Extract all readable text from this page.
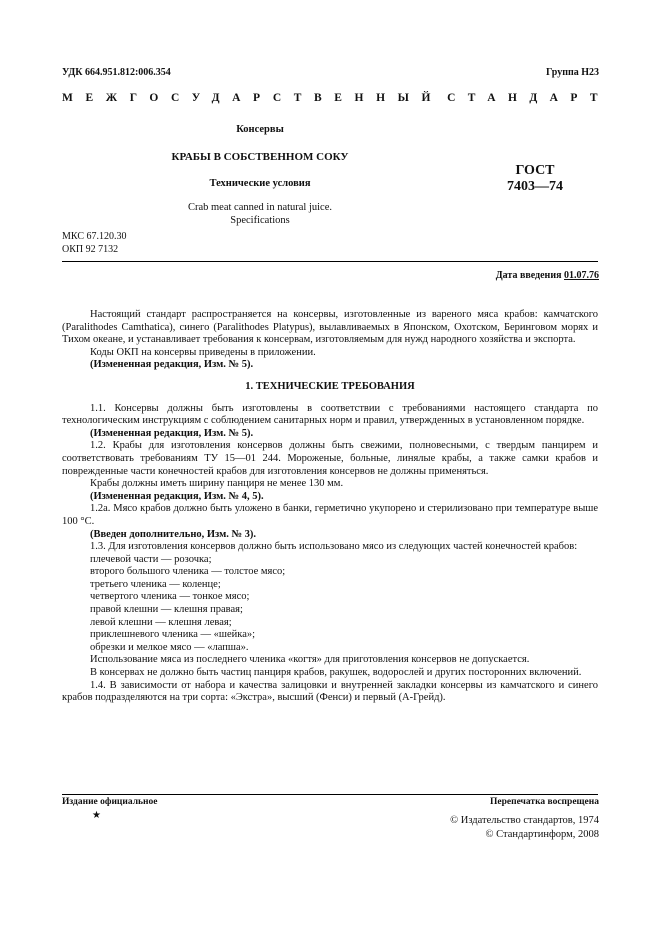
УДК 664.951.812:006.354	Группа Н23
МЕЖГОСУДАРСТВЕННЫЙ СТАНДАРТ
Консервы
КРАБЫ В СОБСТВЕННОМ СОКУ
Технические условия
Crab meat canned in natural juice.
Specifications
ГОСТ
7403—74
МКС 67.120.30
ОКП 92 7132
Дата введения 01.07.76

Настоящий стандарт распространяется на консервы, изготовленные из вареного мяса крабов: камчатского (Paralithodes Camthatica), синего (Paralithodes Platypus), вылавливаемых в Японском, Охотском, Беринговом морях и Тихом океане, и устанавливает требования к консервам, изготовляемым для нужд народного хозяйства и экспорта.

Коды ОКП на консервы приведены в приложении.

(Измененная редакция, Изм. № 5).

1. ТЕХНИЧЕСКИЕ ТРЕБОВАНИЯ

1.1. Консервы должны быть изготовлены в соответствии с требованиями настоящего стандарта по технологическим инструкциям с соблюдением санитарных норм и правил, утвержденных в установленном порядке.

(Измененная редакция, Изм. № 5).

1.2. Крабы для изготовления консервов должны быть свежими, полновесными, с твердым панцирем и соответствовать требованиям ТУ 15—01 244. Мороженые, больные, линялые крабы, а также самки крабов и поврежденные части конечностей крабов для изготовления консервов не должны применяться.

Крабы должны иметь ширину панциря не менее 130 мм.

(Измененная редакция, Изм. № 4, 5).

1.2а. Мясо крабов должно быть уложено в банки, герметично укупорено и стерилизовано при температуре выше 100 °С.

(Введен дополнительно, Изм. № 3).

1.3. Для изготовления консервов должно быть использовано мясо из следующих частей конечностей крабов:

плечевой части — розочка;

второго большого членика — толстое мясо;

третьего членика — коленце;

четвертого членика — тонкое мясо;

правой клешни — клешня правая;

левой клешни — клешня левая;

приклешневого членика — «шейка»;

обрезки и мелкое мясо — «лапша».

Использование мяса из последнего членика «когтя» для приготовления консервов не допускается.

В консервах не должно быть частиц панциря крабов, ракушек, водорослей и других посторонних включений.

1.4. В зависимости от набора и качества залицовки и внутренней закладки консервы из камчатского и синего крабов подразделяются на три сорта: «Экстра», высший (Фенси) и первый (А-Грейд).

Издание официальное
★
Перепечатка воспрещена
© Издательство стандартов, 1974
© Стандартинформ, 2008
